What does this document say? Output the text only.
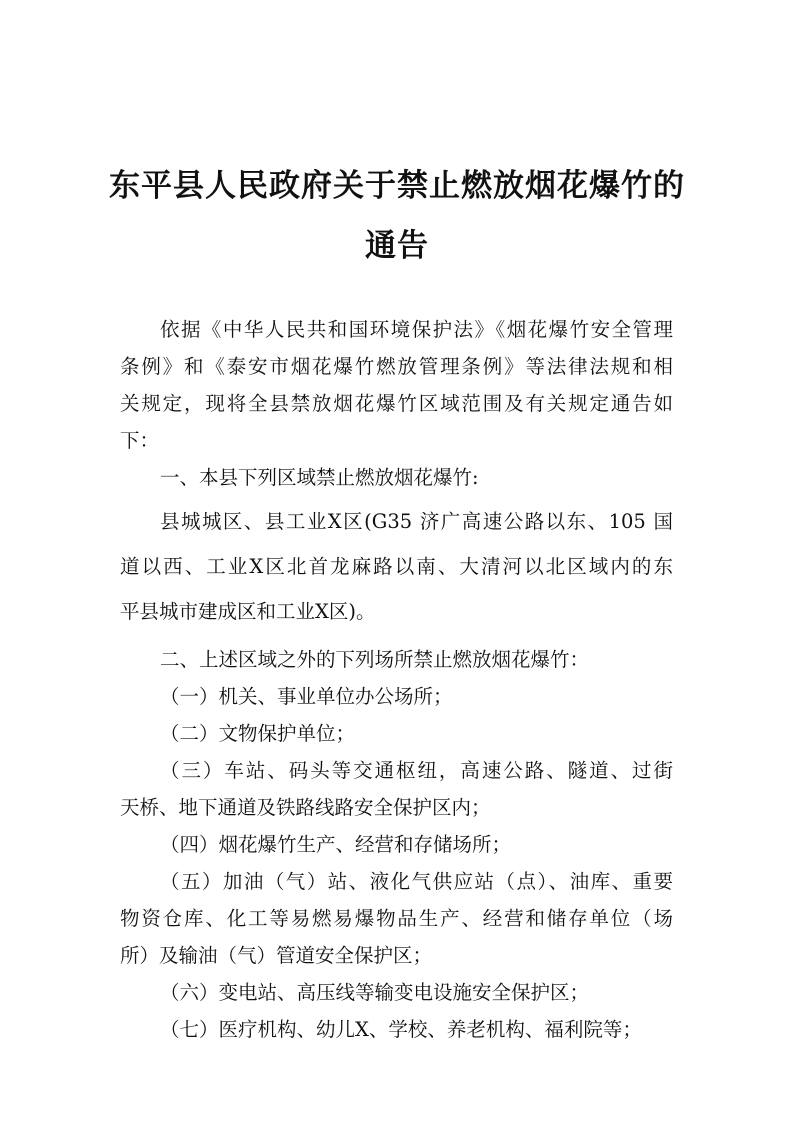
东平县人民政府关于禁止燃放烟花爆竹的
通告
依据《中华人民共和国环境保护法》《烟花爆竹安全管理
条例》和《泰安市烟花爆竹燃放管理条例》等法律法规和相
关规定，现将全县禁放烟花爆竹区域范围及有关规定通告如
下：
一、本县下列区域禁止燃放烟花爆竹:
县城城区、县工业X区(G35 济广高速公路以东、105 国
道以西、工业X区北首龙麻路以南、大清河以北区域内的东
平县城市建成区和工业X区)。
二、上述区域之外的下列场所禁止燃放烟花爆竹：
（一）机关、事业单位办公场所；
（二）文物保护单位；
（三）车站、码头等交通枢纽，高速公路、隧道、过街
天桥、地下通道及铁路线路安全保护区内；
（四）烟花爆竹生产、经营和存储场所；
（五）加油（气）站、液化气供应站（点）、油库、重要
物资仓库、化工等易燃易爆物品生产、经营和储存单位（场
所）及输油（气）管道安全保护区；
（六）变电站、高压线等输变电设施安全保护区；
（七）医疗机构、幼儿X、学校、养老机构、福利院等；
